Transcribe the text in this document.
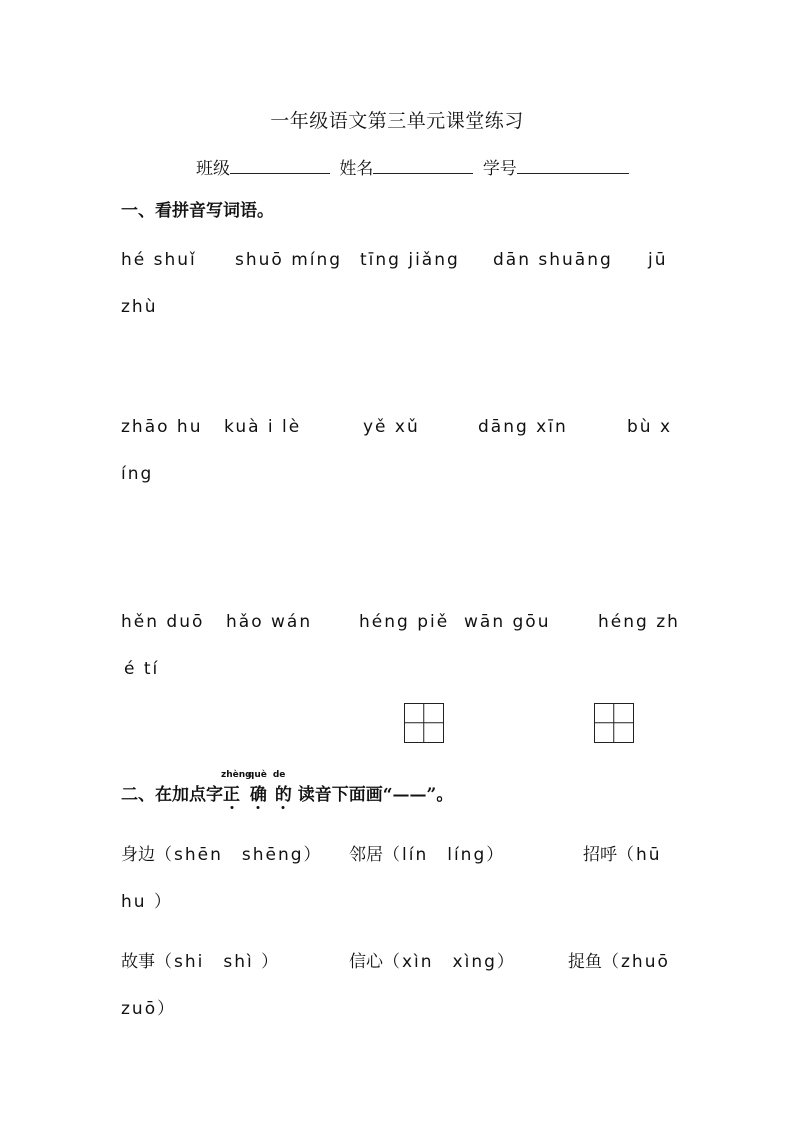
一年级语文第三单元课堂练习
班级	姓名	学号
一、看拼音写词语。
hé shuǐ shuō míng tīng jiǎng dān shuāng jū
zhù
zhāo hu kuà i lè	yě xǔ	dāng xīn	bù x
íng
hěn duō hǎo wán	héng piě wān gōu	héng zh
é tí
二、在加点字
zhèng
正

què
确

de
的 读音下面画“——”。
身边（shēn　shēng） 邻居（lín　líng）	招呼（hū
hu ）
故事（shi　shì ）	信心（xìn　xìng）	捉鱼（zhuō
zuō）
